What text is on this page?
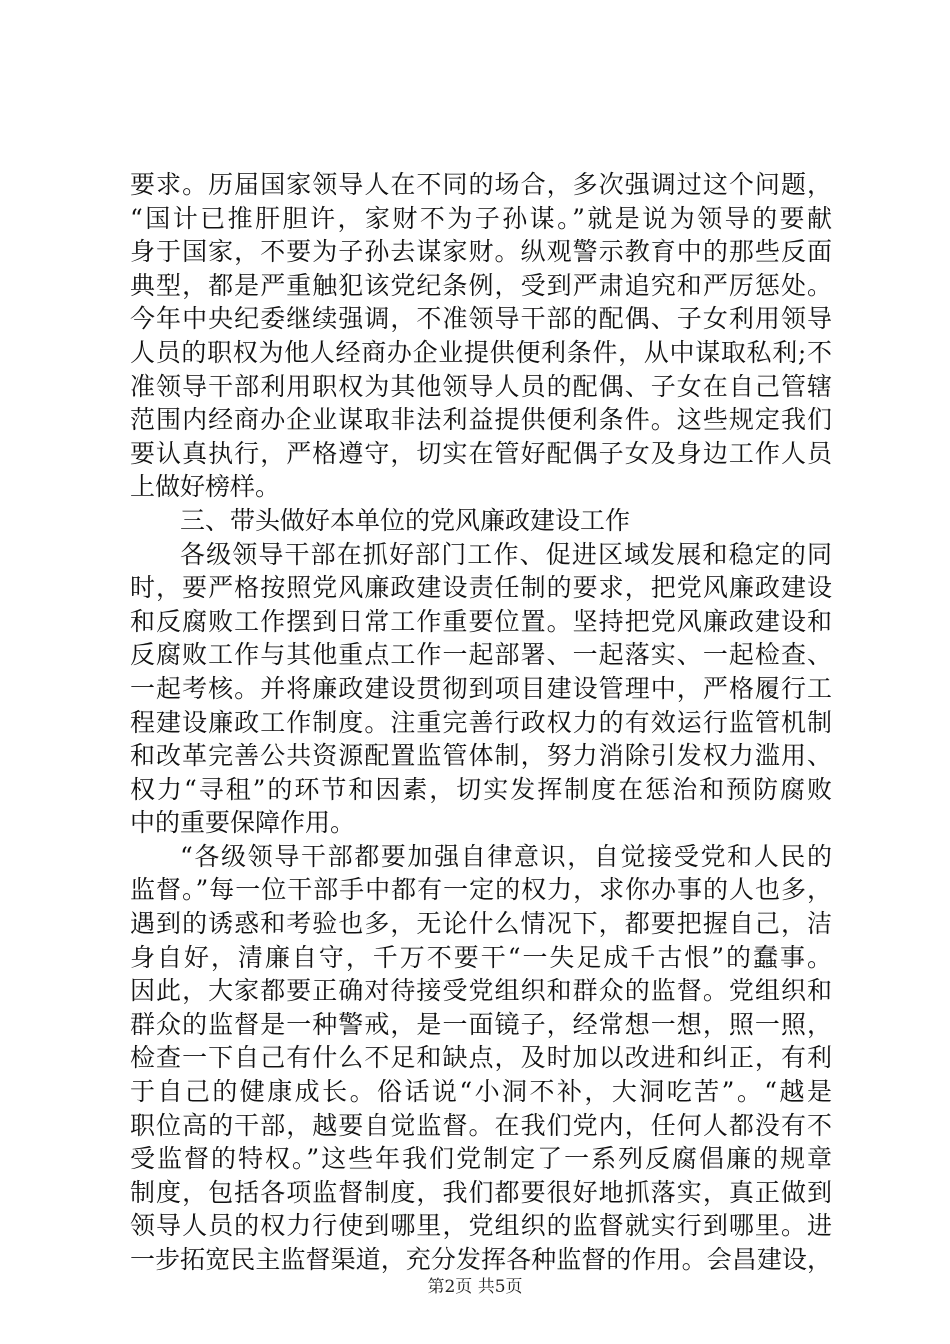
要求。历届国家领导人在不同的场合，多次强调过这个问题，
“国计已推肝胆许，家财不为子孙谋。”就是说为领导的要献
身于国家，不要为子孙去谋家财。纵观警示教育中的那些反面
典型，都是严重触犯该党纪条例，受到严肃追究和严厉惩处。
今年中央纪委继续强调，不准领导干部的配偶、子女利用领导
人员的职权为他人经商办企业提供便利条件，从中谋取私利;不
准领导干部利用职权为其他领导人员的配偶、子女在自己管辖
范围内经商办企业谋取非法利益提供便利条件。这些规定我们
要认真执行，严格遵守，切实在管好配偶子女及身边工作人员
上做好榜样。
三、带头做好本单位的党风廉政建设工作
各级领导干部在抓好部门工作、促进区域发展和稳定的同
时，要严格按照党风廉政建设责任制的要求，把党风廉政建设
和反腐败工作摆到日常工作重要位置。坚持把党风廉政建设和
反腐败工作与其他重点工作一起部署、一起落实、一起检查、
一起考核。并将廉政建设贯彻到项目建设管理中，严格履行工
程建设廉政工作制度。注重完善行政权力的有效运行监管机制
和改革完善公共资源配置监管体制，努力消除引发权力滥用、
权力“寻租”的环节和因素，切实发挥制度在惩治和预防腐败
中的重要保障作用。
“各级领导干部都要加强自律意识，自觉接受党和人民的
监督。”每一位干部手中都有一定的权力，求你办事的人也多，
遇到的诱惑和考验也多，无论什么情况下，都要把握自己，洁
身自好，清廉自守，千万不要干“一失足成千古恨”的蠢事。
因此，大家都要正确对待接受党组织和群众的监督。党组织和
群众的监督是一种警戒，是一面镜子，经常想一想，照一照，
检查一下自己有什么不足和缺点，及时加以改进和纠正，有利
于自己的健康成长。俗话说“小洞不补，大洞吃苦”。“越是
职位高的干部，越要自觉监督。在我们党内，任何人都没有不
受监督的特权。”这些年我们党制定了一系列反腐倡廉的规章
制度，包括各项监督制度，我们都要很好地抓落实，真正做到
领导人员的权力行使到哪里，党组织的监督就实行到哪里。进
一步拓宽民主监督渠道，充分发挥各种监督的作用。会昌建设，
第2页 共5页
